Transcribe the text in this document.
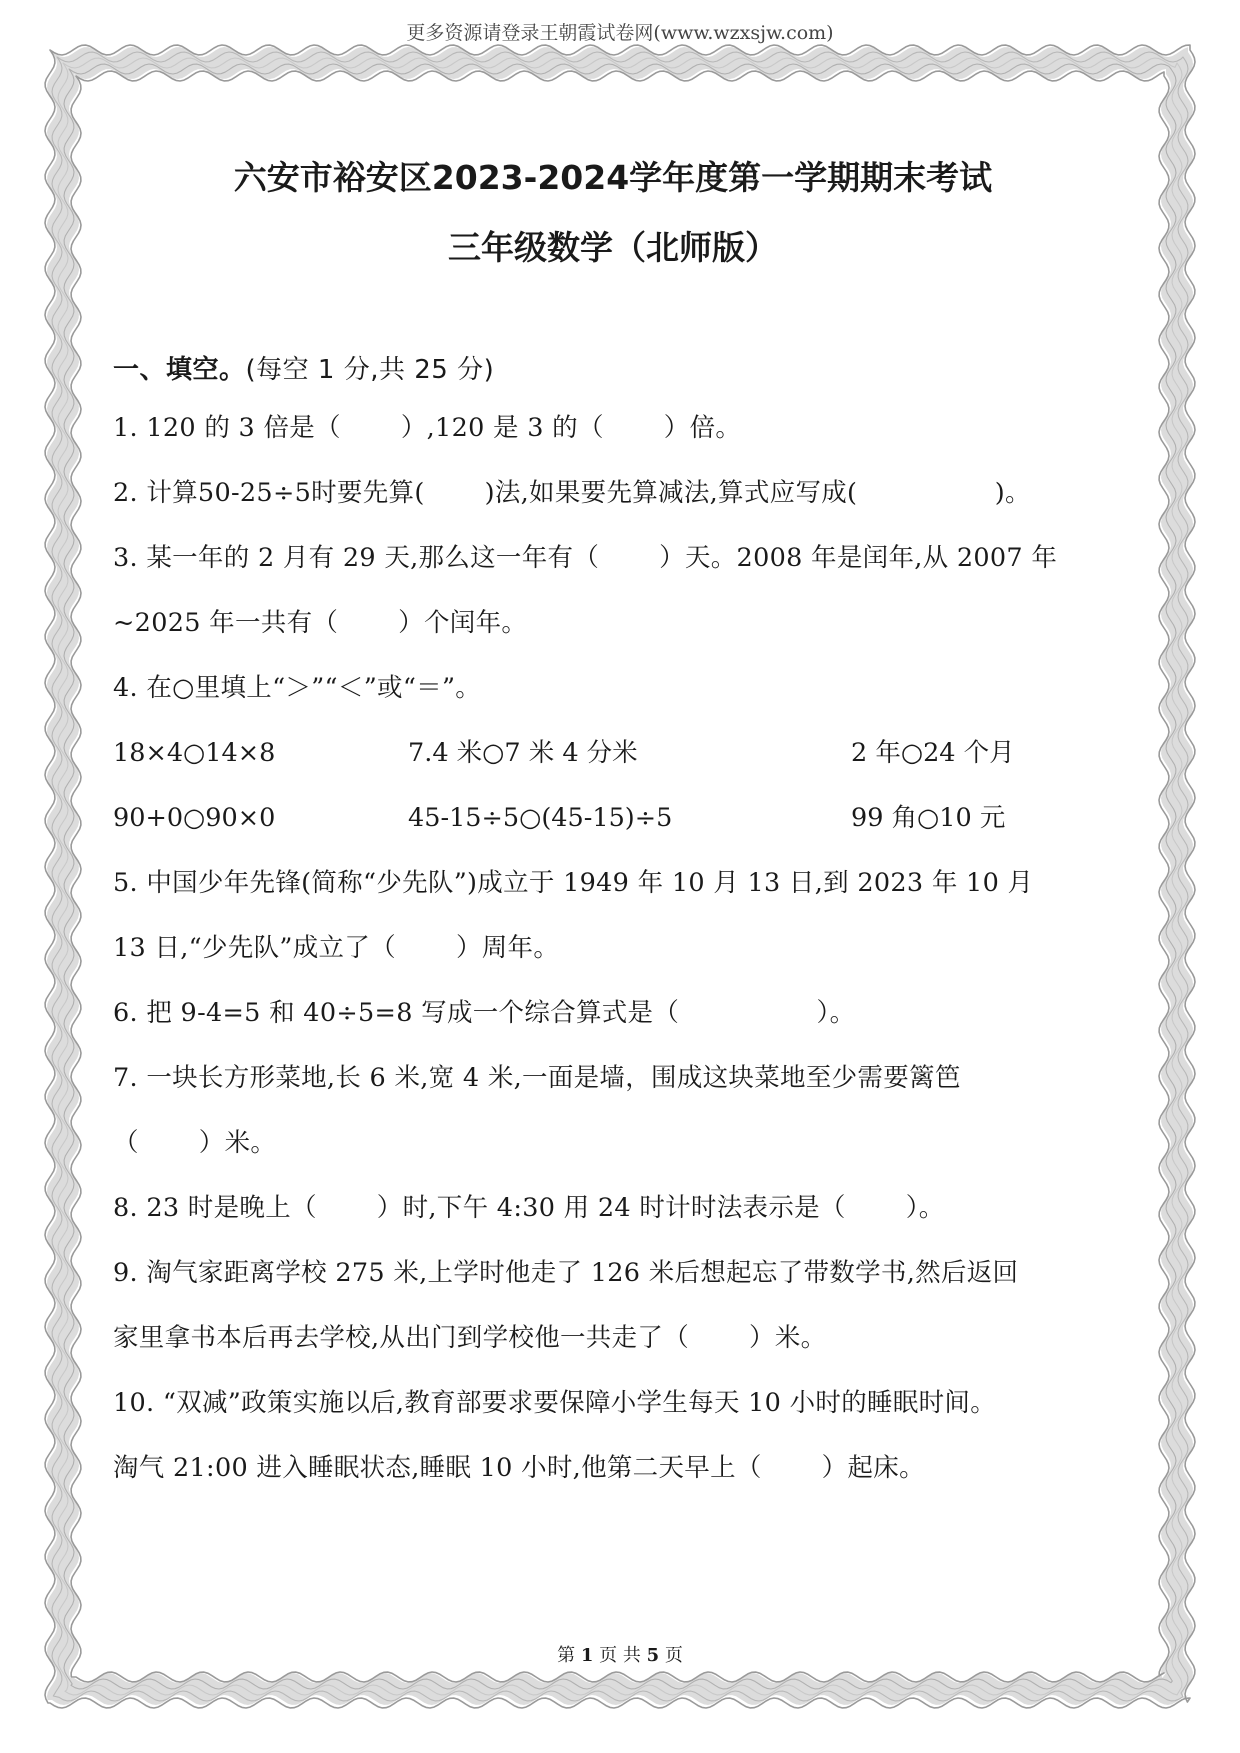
更多资源请登录王朝霞试卷网(www.wzxsjw.com)
六安市裕安区2023-2024学年度第一学期期末考试
三年级数学（北师版）
一、填空。(每空 1 分,共 25 分)
1. 120 的 3 倍是（　　 ）,120 是 3 的（　　 ）倍。
2. 计算50-25÷5时要先算(　　 )法,如果要先算减法,算式应写成(　　　　　 )。
3. 某一年的 2 月有 29 天,那么这一年有（　　 ）天。2008 年是闰年,从 2007 年
~2025 年一共有（　　 ）个闰年。
4. 在○里填上“＞”“＜”或“＝”。
18×4○14×8	7.4 米○7 米 4 分米	2 年○24 个月
90+0○90×0	45-15÷5○(45-15)÷5	99 角○10 元
5. 中国少年先锋(简称“少先队”)成立于 1949 年 10 月 13 日,到 2023 年 10 月
13 日,“少先队”成立了（　　 ）周年。
6. 把 9-4=5 和 40÷5=8 写成一个综合算式是（　　　　　 ）。
7. 一块长方形菜地,长 6 米,宽 4 米,一面是墙，围成这块菜地至少需要篱笆
（　　 ）米。
8. 23 时是晚上（　　 ）时,下午 4:30 用 24 时计时法表示是（　　 ）。
9. 淘气家距离学校 275 米,上学时他走了 126 米后想起忘了带数学书,然后返回
家里拿书本后再去学校,从出门到学校他一共走了（　　 ）米。
10. “双减”政策实施以后,教育部要求要保障小学生每天 10 小时的睡眠时间。
淘气 21:00 进入睡眠状态,睡眠 10 小时,他第二天早上（　　 ）起床。
第 1 页 共 5 页
